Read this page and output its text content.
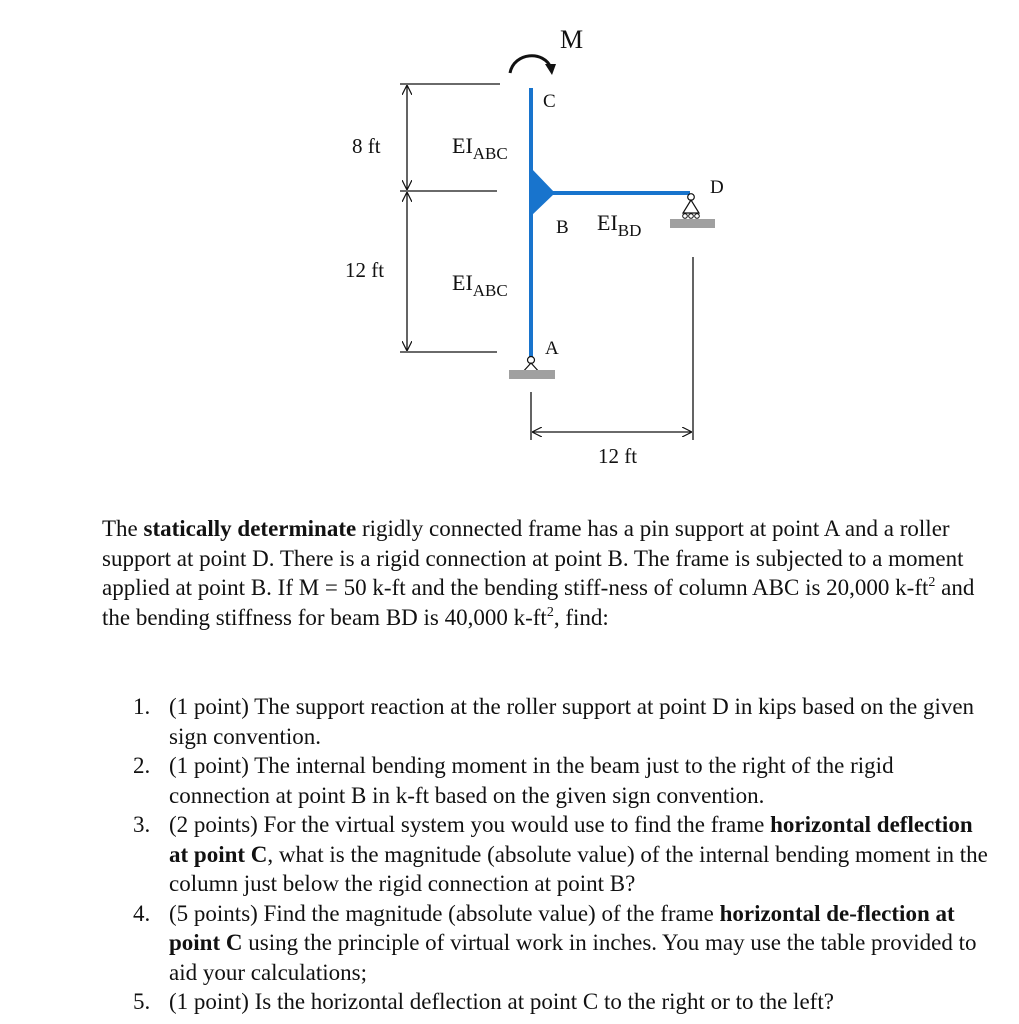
M
C
8 ft
12 ft
$EI_{ABC}$
$EI_{ABC}$
$EI_{BD}$
B
D
A
12 ft
The statically determinate rigidly connected frame has a pin support at point A and a roller support at point D. There is a rigid connection at point B. The frame is subjected to a moment applied at point B. If M = 50 k-ft and the bending stiff-ness of column ABC is 20,000 $k-ft^2$ and the bending stiffness for beam BD is 40,000 $k-ft^2$, find:
1. (1 point) The support reaction at the roller support at point D in kips based on the given sign convention.
2. (1 point) The internal bending moment in the beam just to the right of the rigid connection at point B in k-ft based on the given sign convention.
3. (2 points) For the virtual system you would use to find the frame horizontal deflection at point C, what is the magnitude (absolute value) of the internal bending moment in the column just below the rigid connection at point B?
4. (5 points) Find the magnitude (absolute value) of the frame horizontal de-flection at point C using the principle of virtual work in inches. You may use the table provided to aid your calculations;
5. (1 point) Is the horizontal deflection at point C to the right or to the left?
